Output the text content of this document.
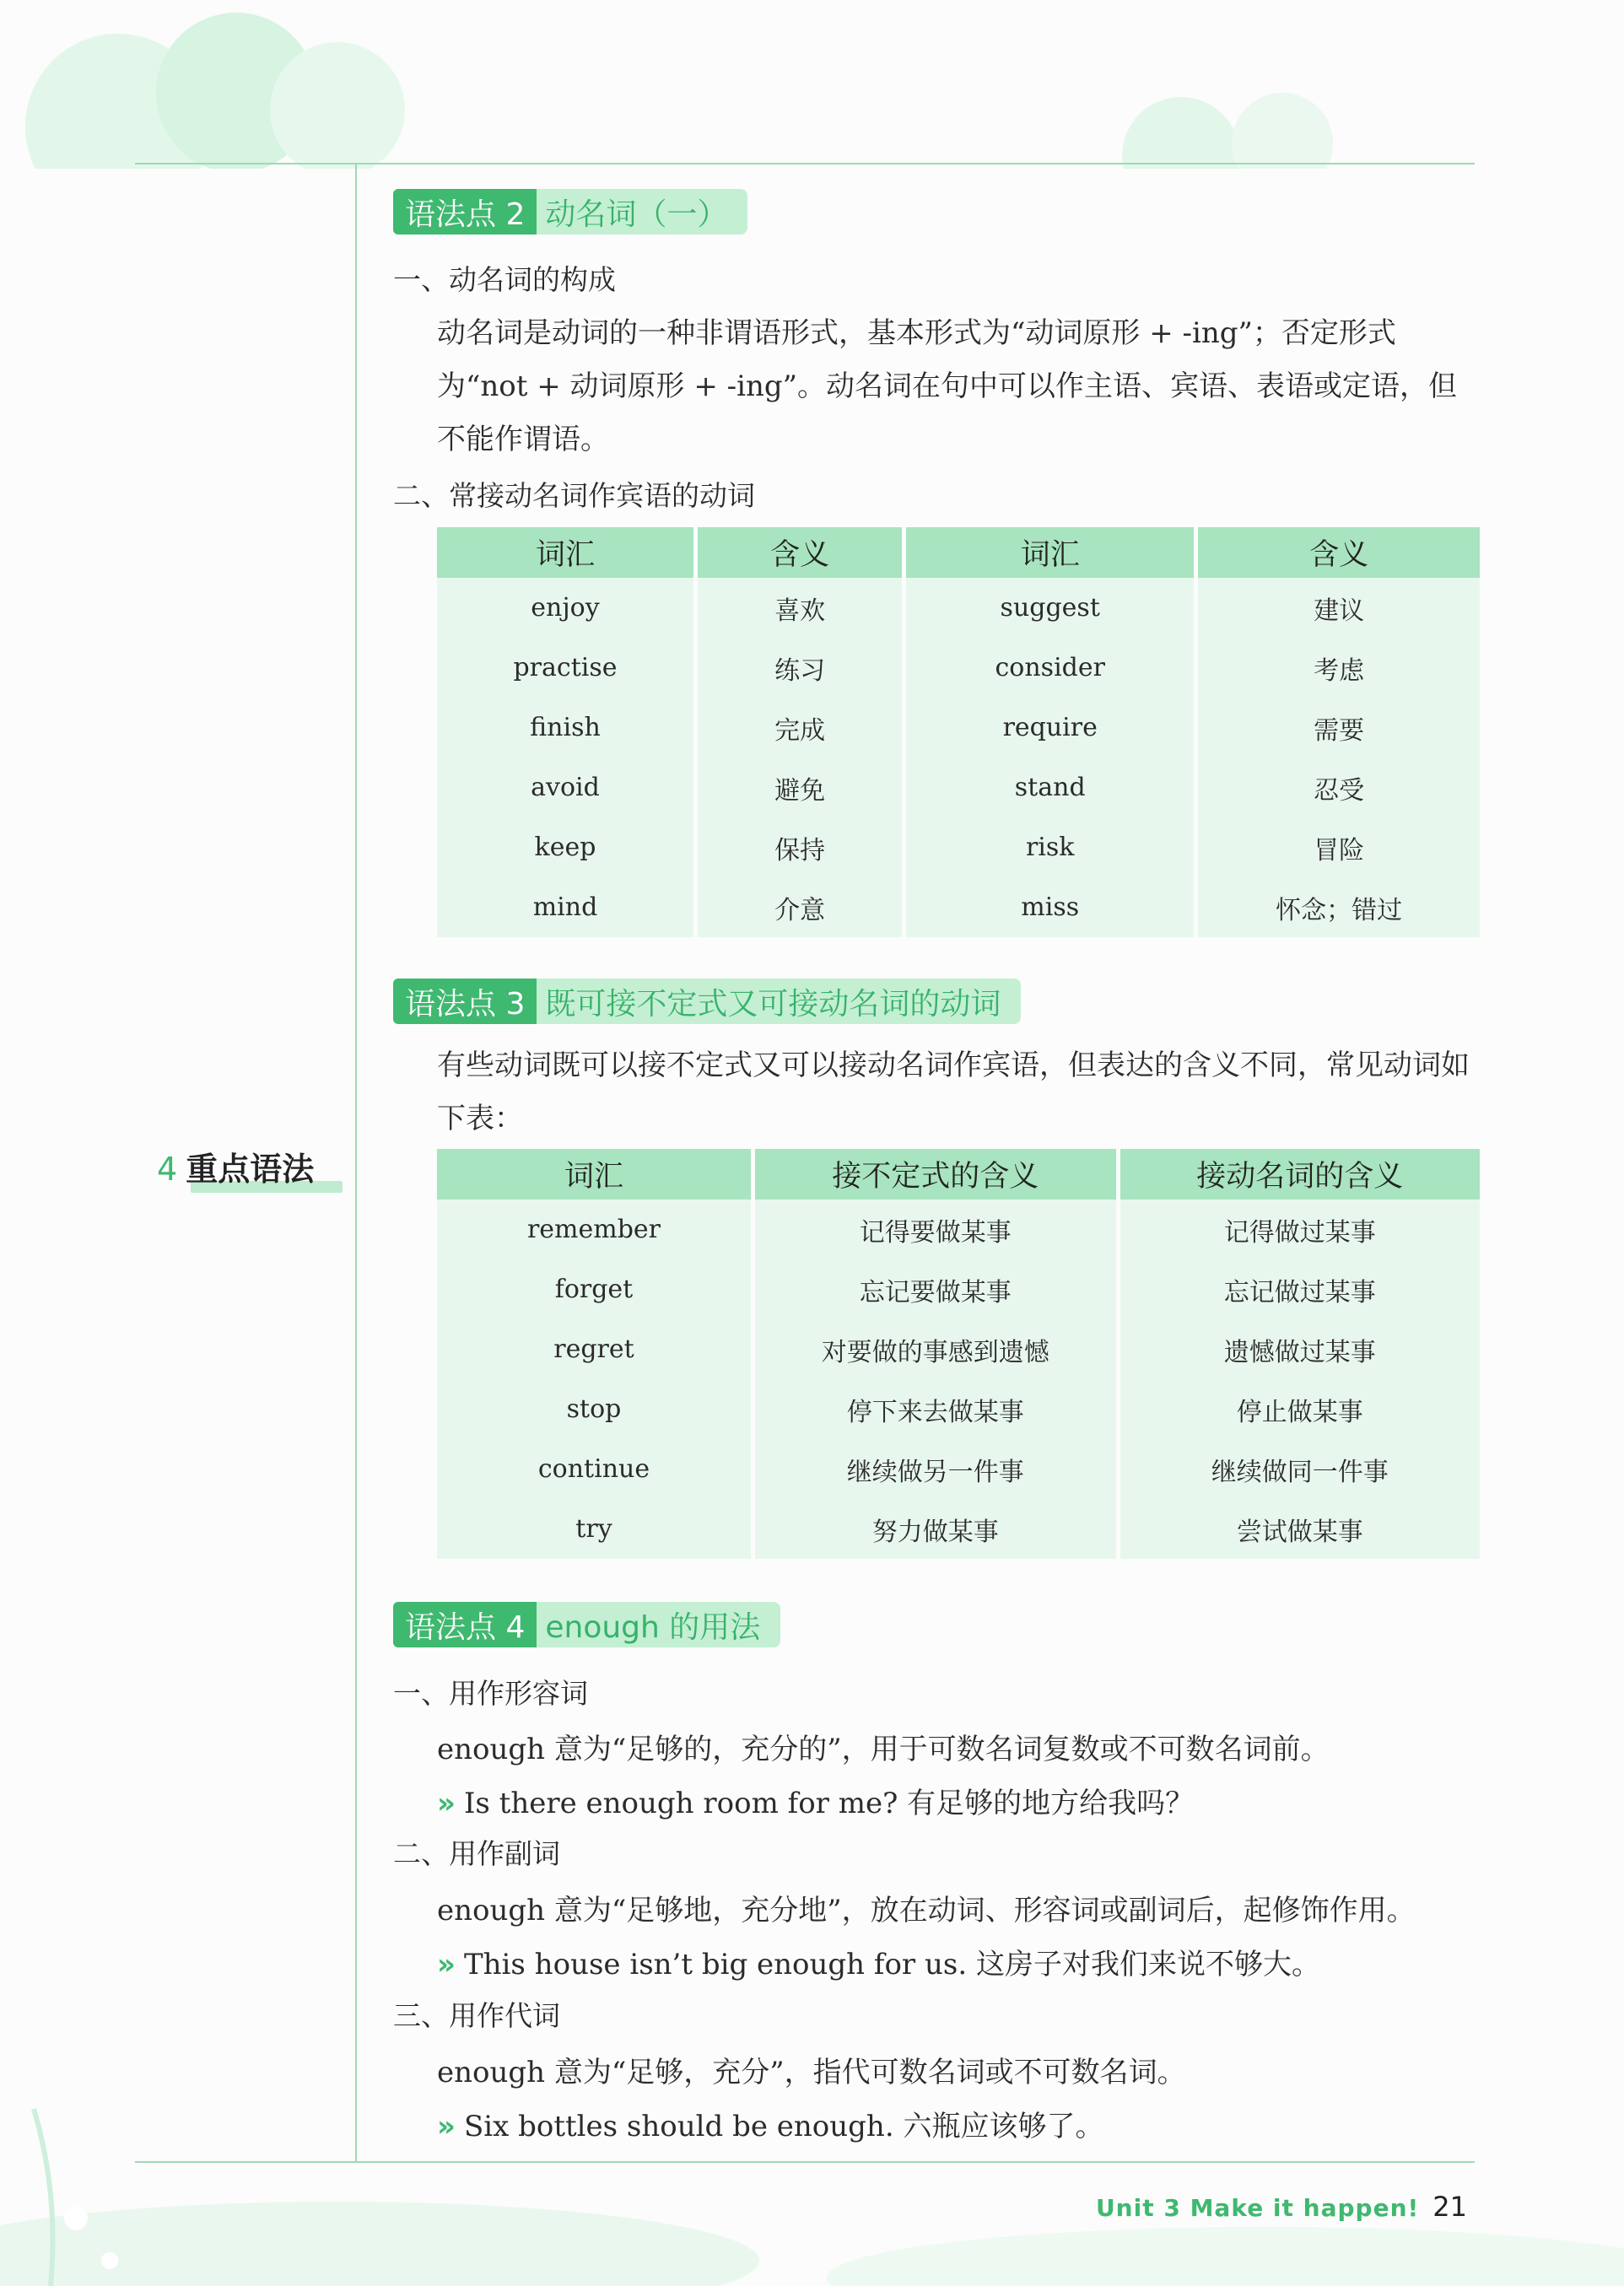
4 重点语法
语法点 2 动名词（一）
一、动名词的构成
动名词是动词的一种非谓语形式，基本形式为“动词原形 + -ing”；否定形式为“not + 动词原形 + -ing”。动名词在句中可以作主语、宾语、表语或定语，但不能作谓语。
二、常接动名词作宾语的动词
词汇	含义	词汇	含义
enjoy	喜欢	suggest	建议
practise	练习	consider	考虑
finish	完成	require	需要
avoid	避免	stand	忍受
keep	保持	risk	冒险
mind	介意	miss	怀念；错过
语法点 3 既可接不定式又可接动名词的动词
有些动词既可以接不定式又可以接动名词作宾语，但表达的含义不同，常见动词如下表：
词汇	接不定式的含义	接动名词的含义
remember	记得要做某事	记得做过某事
forget	忘记要做某事	忘记做过某事
regret	对要做的事感到遗憾	遗憾做过某事
stop	停下来去做某事	停止做某事
continue	继续做另一件事	继续做同一件事
try	努力做某事	尝试做某事
语法点 4 enough 的用法
一、用作形容词
enough 意为“足够的，充分的”，用于可数名词复数或不可数名词前。
» Is there enough room for me? 有足够的地方给我吗？
二、用作副词
enough 意为“足够地，充分地”，放在动词、形容词或副词后，起修饰作用。
» This house isn’t big enough for us. 这房子对我们来说不够大。
三、用作代词
enough 意为“足够，充分”，指代可数名词或不可数名词。
» Six bottles should be enough. 六瓶应该够了。
Unit 3 Make it happen! 21
